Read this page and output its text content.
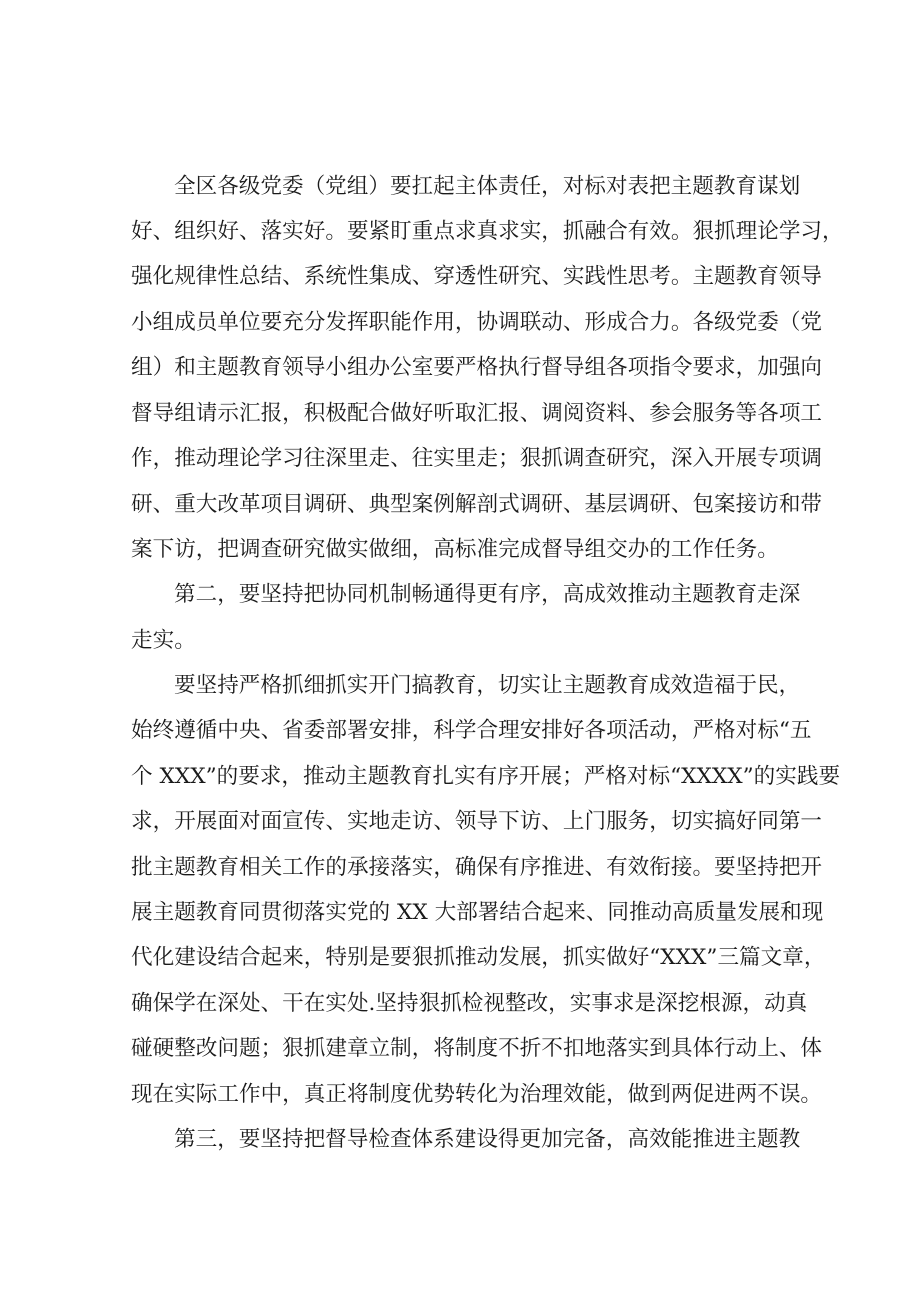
全区各级党委（党组）要扛起主体责任，对标对表把主题教育谋划
好、组织好、落实好。要紧盯重点求真求实，抓融合有效。狠抓理论学习，
强化规律性总结、系统性集成、穿透性研究、实践性思考。主题教育领导
小组成员单位要充分发挥职能作用，协调联动、形成合力。各级党委（党
组）和主题教育领导小组办公室要严格执行督导组各项指令要求，加强向
督导组请示汇报，积极配合做好听取汇报、调阅资料、参会服务等各项工
作，推动理论学习往深里走、往实里走；狠抓调查研究，深入开展专项调
研、重大改革项目调研、典型案例解剖式调研、基层调研、包案接访和带
案下访，把调查研究做实做细，高标准完成督导组交办的工作任务。
第二，要坚持把协同机制畅通得更有序，高成效推动主题教育走深
走实。
要坚持严格抓细抓实开门搞教育，切实让主题教育成效造福于民，
始终遵循中央、省委部署安排，科学合理安排好各项活动，严格对标“五
个 XXX”的要求，推动主题教育扎实有序开展；严格对标“XXXX”的实践要
求，开展面对面宣传、实地走访、领导下访、上门服务，切实搞好同第一
批主题教育相关工作的承接落实，确保有序推进、有效衔接。要坚持把开
展主题教育同贯彻落实党的 XX 大部署结合起来、同推动高质量发展和现
代化建设结合起来，特别是要狠抓推动发展，抓实做好“XXX”三篇文章，
确保学在深处、干在实处.坚持狠抓检视整改，实事求是深挖根源，动真
碰硬整改问题；狠抓建章立制，将制度不折不扣地落实到具体行动上、体
现在实际工作中，真正将制度优势转化为治理效能，做到两促进两不误。
第三，要坚持把督导检查体系建设得更加完备，高效能推进主题教
